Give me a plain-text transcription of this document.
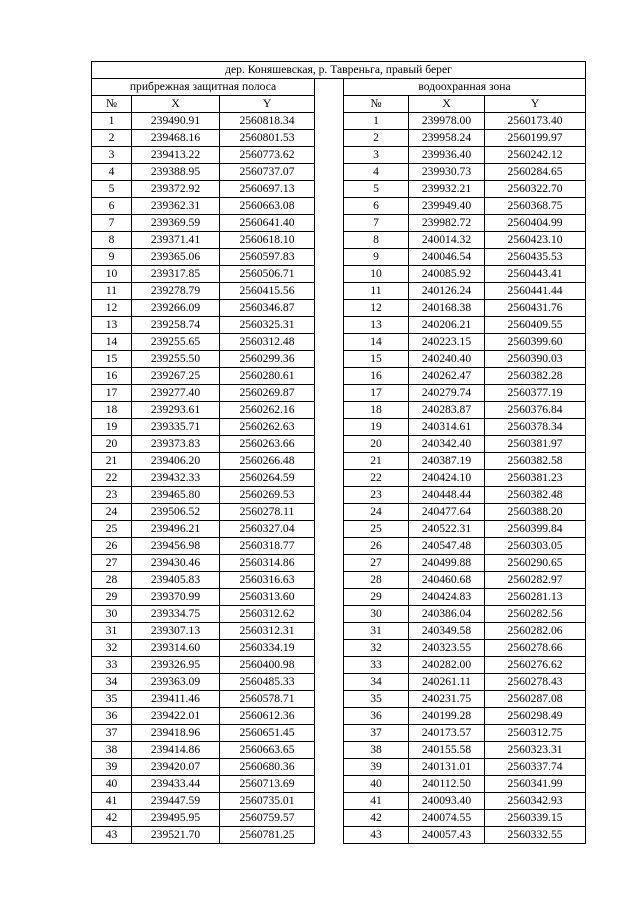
дер. Коняшевская, р. Тавреньга, правый берег						
прибрежная защитная полоса				водоохранная зона		
№	X	Y		№	X	Y
1	239490.91	2560818.34		1	239978.00	2560173.40
2	239468.16	2560801.53		2	239958.24	2560199.97
3	239413.22	2560773.62		3	239936.40	2560242.12
4	239388.95	2560737.07		4	239930.73	2560284.65
5	239372.92	2560697.13		5	239932.21	2560322.70
6	239362.31	2560663.08		6	239949.40	2560368.75
7	239369.59	2560641.40		7	239982.72	2560404.99
8	239371.41	2560618.10		8	240014.32	2560423.10
9	239365.06	2560597.83		9	240046.54	2560435.53
10	239317.85	2560506.71		10	240085.92	2560443.41
11	239278.79	2560415.56		11	240126.24	2560441.44
12	239266.09	2560346.87		12	240168.38	2560431.76
13	239258.74	2560325.31		13	240206.21	2560409.55
14	239255.65	2560312.48		14	240223.15	2560399.60
15	239255.50	2560299.36		15	240240.40	2560390.03
16	239267.25	2560280.61		16	240262.47	2560382.28
17	239277.40	2560269.87		17	240279.74	2560377.19
18	239293.61	2560262.16		18	240283.87	2560376.84
19	239335.71	2560262.63		19	240314.61	2560378.34
20	239373.83	2560263.66		20	240342.40	2560381.97
21	239406.20	2560266.48		21	240387.19	2560382.58
22	239432.33	2560264.59		22	240424.10	2560381.23
23	239465.80	2560269.53		23	240448.44	2560382.48
24	239506.52	2560278.11		24	240477.64	2560388.20
25	239496.21	2560327.04		25	240522.31	2560399.84
26	239456.98	2560318.77		26	240547.48	2560303.05
27	239430.46	2560314.86		27	240499.88	2560290.65
28	239405.83	2560316.63		28	240460.68	2560282.97
29	239370.99	2560313.60		29	240424.83	2560281.13
30	239334.75	2560312.62		30	240386.04	2560282.56
31	239307.13	2560312.31		31	240349.58	2560282.06
32	239314.60	2560334.19		32	240323.55	2560278.66
33	239326.95	2560400.98		33	240282.00	2560276.62
34	239363.09	2560485.33		34	240261.11	2560278.43
35	239411.46	2560578.71		35	240231.75	2560287.08
36	239422.01	2560612.36		36	240199.28	2560298.49
37	239418.96	2560651.45		37	240173.57	2560312.75
38	239414.86	2560663.65		38	240155.58	2560323.31
39	239420.07	2560680.36		39	240131.01	2560337.74
40	239433.44	2560713.69		40	240112.50	2560341.99
41	239447.59	2560735.01		41	240093.40	2560342.93
42	239495.95	2560759.57		42	240074.55	2560339.15
43	239521.70	2560781.25		43	240057.43	2560332.55
